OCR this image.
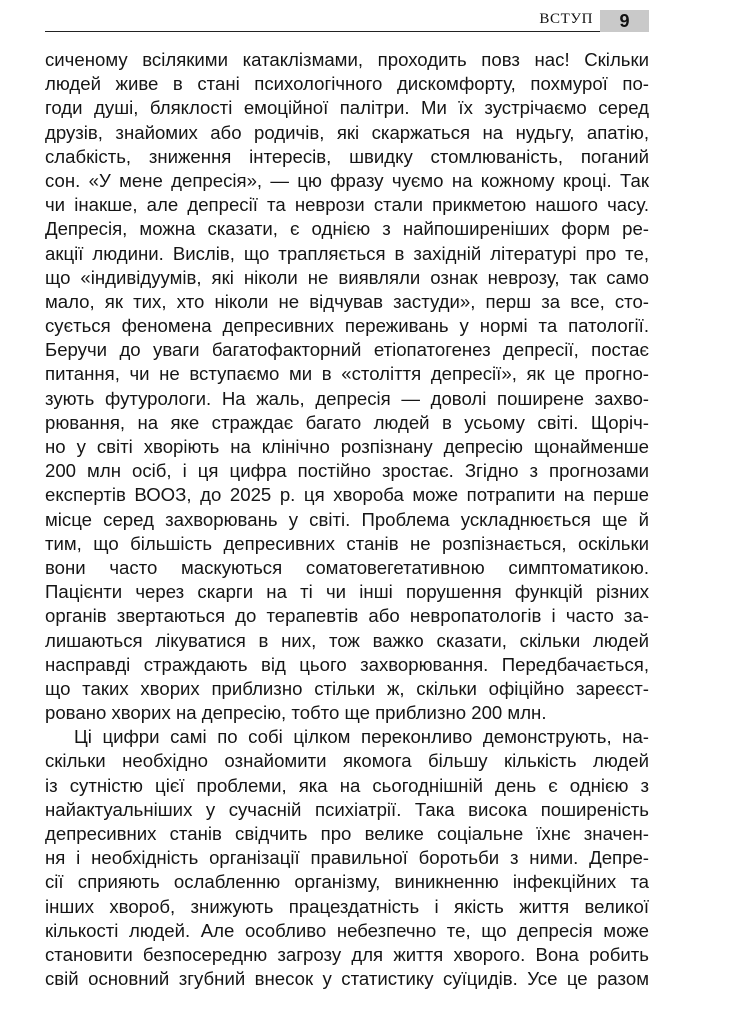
ВСТУП	9
сиченому всілякими катаклізмами, проходить повз нас! Скільки
людей живе в стані психологічного дискомфорту, похмурої по-
годи душі, бляклості емоційної палітри. Ми їх зустрічаємо серед
друзів, знайомих або родичів, які скаржаться на нудьгу, апатію,
слабкість, зниження інтересів, швидку стомлюваність, поганий
сон. «У мене депресія», — цю фразу чуємо на кожному кроці. Так
чи інакше, але депресії та неврози стали прикметою нашого часу.
Депресія, можна сказати, є однією з найпоширеніших форм ре-
акції людини. Вислів, що трапляється в західній літературі про те,
що «індивідуумів, які ніколи не виявляли ознак неврозу, так само
мало, як тих, хто ніколи не відчував застуди», перш за все, сто-
сується феномена депресивних переживань у нормі та патології.
Беручи до уваги багатофакторний етіопатогенез депресії, постає
питання, чи не вступаємо ми в «століття депресії», як це прогно-
зують футурологи. На жаль, депресія — доволі поширене захво-
рювання, на яке страждає багато людей в усьому світі. Щоріч-
но у світі хворіють на клінічно розпізнану депресію щонайменше
200 млн осіб, і ця цифра постійно зростає. Згідно з прогнозами
експертів ВООЗ, до 2025 р. ця хвороба може потрапити на перше
місце серед захворювань у світі. Проблема ускладнюється ще й
тим, що більшість депресивних станів не розпізнається, оскільки
вони часто маскуються соматовегетативною симптоматикою.
Пацієнти через скарги на ті чи інші порушення функцій різних
органів звертаються до терапевтів або невропатологів і часто за-
лишаються лікуватися в них, тож важко сказати, скільки людей
насправді страждають від цього захворювання. Передбачається,
що таких хворих приблизно стільки ж, скільки офіційно зареєст-
ровано хворих на депресію, тобто ще приблизно 200 млн.
Ці цифри самі по собі цілком переконливо демонструють, на-
скільки необхідно ознайомити якомога більшу кількість людей
із сутністю цієї проблеми, яка на сьогоднішній день є однією з
найактуальніших у сучасній психіатрії. Така висока поширеність
депресивних станів свідчить про велике соціальне їхнє значен-
ня і необхідність організації правильної боротьби з ними. Депре-
сії сприяють ослабленню організму, виникненню інфекційних та
інших хвороб, знижують працездатність і якість життя великої
кількості людей. Але особливо небезпечно те, що депресія може
становити безпосередню загрозу для життя хворого. Вона робить
свій основний згубний внесок у статистику суїцидів. Усе це разом
